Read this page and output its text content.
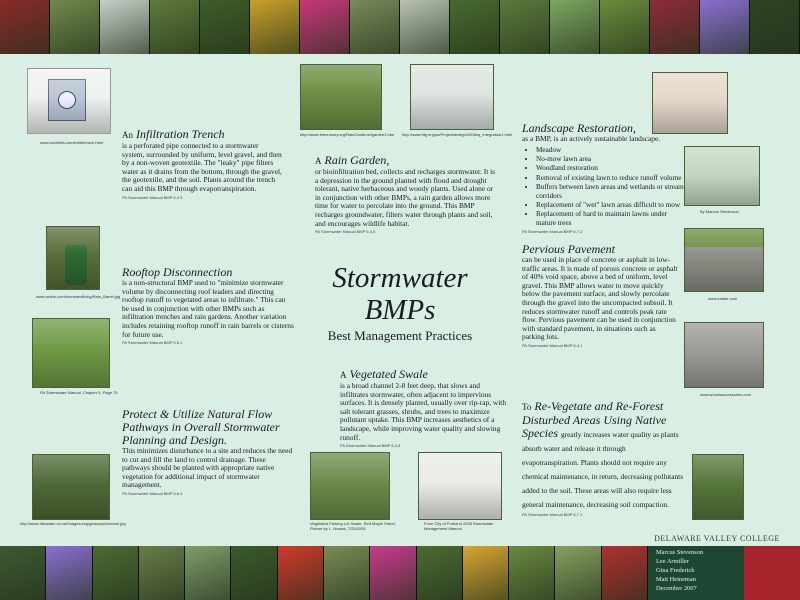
www.duckbills.com/infiltrtrench.html

An Infiltration Trench

is a perforated pipe connected to a stormwater system, surrounded by uniform, level gravel, and then by a non-woven geotextile. The "leaky" pipe filters water as it drains from the bottom, through the gravel, the geotextile, and the soil. Plants around the trench can aid this BMP through evapotranspiration.

PA Stormwater Manual BMP 6.4.3

http://www.thenursery.org/RainGardens/igarden1.htm	http://www.hlg.org/pa/Project/design/2006eq_integration1.html

A Rain Garden,

or bioinfiltration bed, collects and recharges stormwater. It is a depression in the ground planted with flood and drought tolerant, native herbaceous and woody plants. Used alone or in conjunction with other BMPs, a rain garden allows more time for water to percolate into the ground. This BMP recharges groundwater, filters water through plants and soil, and encourages wildlife habitat.

PA Stormwater Manual BMP 6.4.5

Landscape Restoration,

as a BMP, is an actively sustainable landscape.

• Meadow
• No-mow lawn area
• Woodland restoration
• Removal of existing lawn to reduce runoff volume
• Buffers between lawn areas and wetlands or stream corridors
• Replacement of "wet" lawn areas difficult to mow
• Replacement of hard to maintain lawns under mature trees

PA Stormwater Manual BMP 6.7.2

By Marcus Stevenson
www.active.com/homeandliving/Rain_Barrel.jpg
PA Stormwater Manual, Chapter 5, Page 75

Rooftop Disconnection

is a non-structural BMP used to "minimize stormwater volume by disconnecting roof leaders and directing rooftop runoff to vegetated areas to infiltrate." This can be used in conjunction with other BMPs such as infiltration trenches and rain gardens. Another variation includes retaining rooftop runoff in rain barrels or cisterns for future use.

PA Stormwater Manual BMP 5.6.1

Stormwater BMPs
Best Management Practices

Pervious Pavement

can be used in place of concrete or asphalt in low-traffic areas. It is made of porous concrete or asphalt of 40% void space, above a bed of uniform, level gravel. This BMP allows water to move quickly below the pavement surface, and slowly percolate through the gravel into the uncompacted subsoil. It reduces stormwater runoff and controls peak rate flow. Pervious pavement can be used in conjunction with standard pavement, in situations such as parking lots.

PA Stormwater Manual BMP 6.4.1

www.estate.com
www.woodsaccessories.com

A Vegetated Swale

is a broad channel 2-8 feet deep, that slows and infiltrates stormwater, often adjacent to impervious surfaces. It is densely planted, usually over rip-rap, with salt tolerant grasses, shrubs, and trees to maximize pollutant uptake. This BMP increases aesthetics of a landscape, while improving water quality and slowing runoff.

PA Stormwater Manual BMP 6.4.8

Vegetated Parking Lot Swale, Red Maple Street, Picture by L. Nowak, 7/25/2006
From City of Portland 2008 Stormwater Management Manual

Protect & Utilize Natural Flow Pathways in Overall Stormwater Planning and Design.

This minimizes disturbance to a site and reduces the need to cut and fill the land to control drainage. These pathways should be planted with appropriate native vegetation for additional impact of stormwater management.

PA Stormwater Manual BMP 5.6.3

http://www.dfwwater.on.ca/Images/veg/glossary/channel.jpg

To Re-Vegetate and Re-Forest Disturbed Areas Using Native Species greatly increases water quality as plants absorb water and release it through evapotranspiration. Plants should not require any chemical maintenance, in return, decreasing pollutants added to the soil. These areas will also require less general maintenance, decreasing soil compaction.

PA Stormwater Manual BMP 6.7.1

DELAWARE VALLEY COLLEGE
Marcus Stevenson
Lee Armiller
Gina Frederick
Matt Heineman
December 2007
